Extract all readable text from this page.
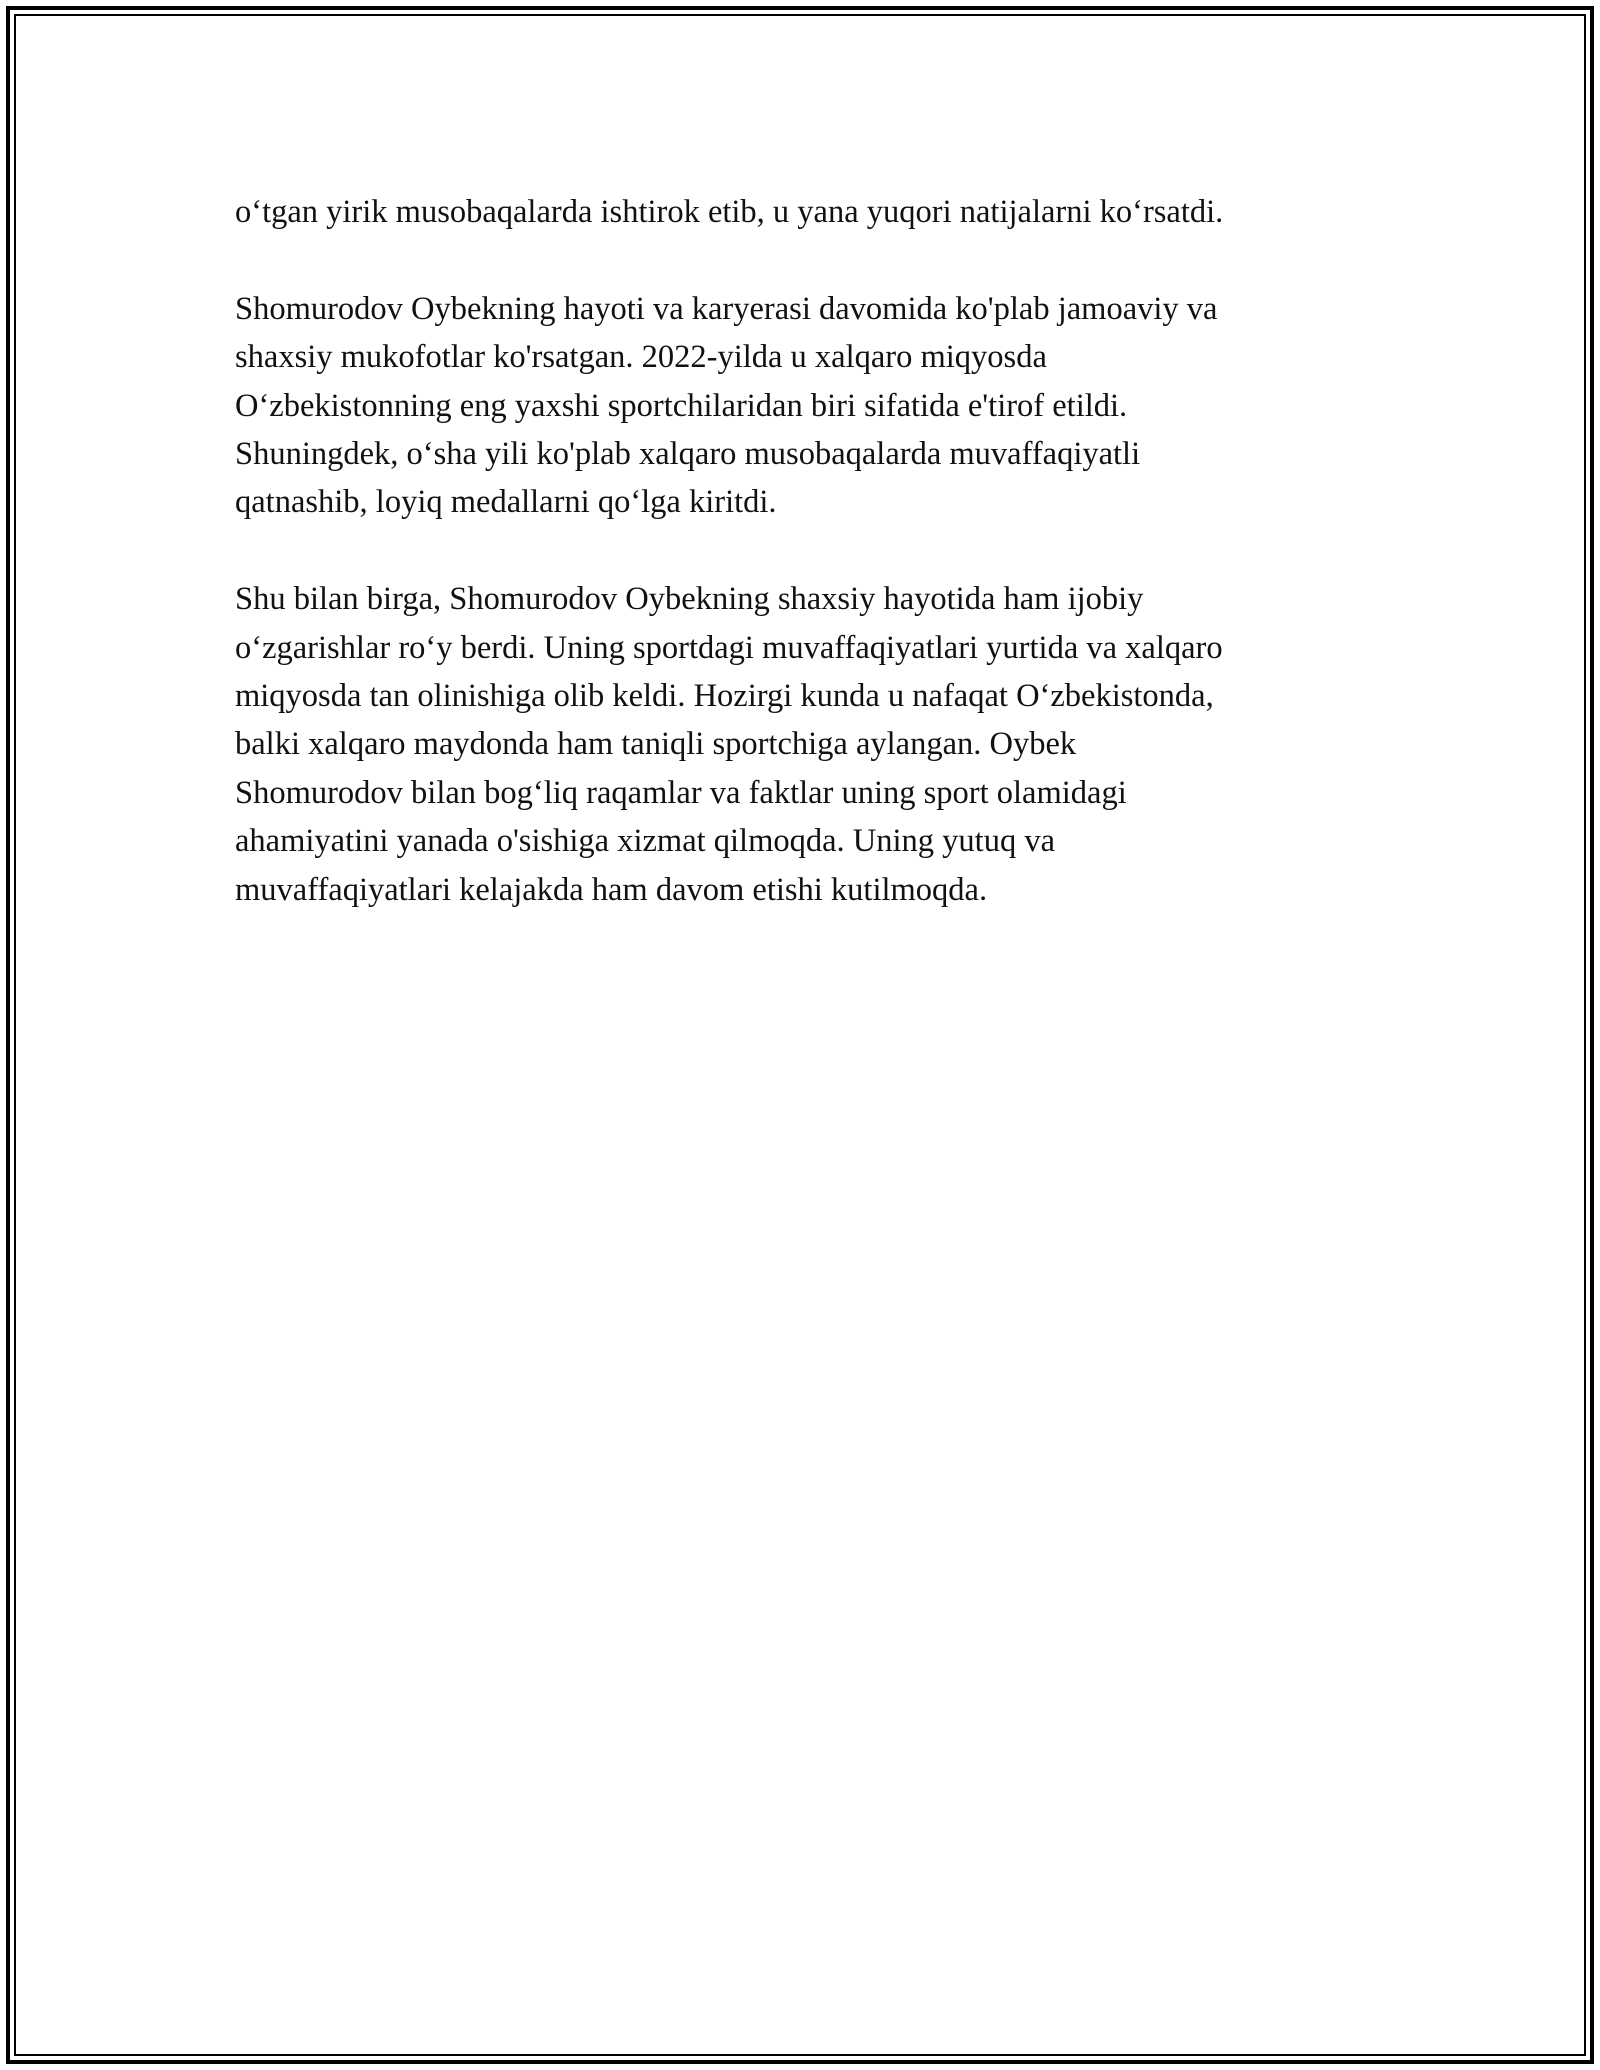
o‘tgan yirik musobaqalarda ishtirok etib, u yana yuqori natijalarni ko‘rsatdi.

Shomurodov Oybekning hayoti va karyerasi davomida ko'plab jamoaviy va
shaxsiy mukofotlar ko'rsatgan. 2022-yilda u xalqaro miqyosda
O‘zbekistonning eng yaxshi sportchilaridan biri sifatida e'tirof etildi.
Shuningdek, o‘sha yili ko'plab xalqaro musobaqalarda muvaffaqiyatli
qatnashib, loyiq medallarni qo‘lga kiritdi.

Shu bilan birga, Shomurodov Oybekning shaxsiy hayotida ham ijobiy
o‘zgarishlar ro‘y berdi. Uning sportdagi muvaffaqiyatlari yurtida va xalqaro
miqyosda tan olinishiga olib keldi. Hozirgi kunda u nafaqat O‘zbekistonda,
balki xalqaro maydonda ham taniqli sportchiga aylangan. Oybek
Shomurodov bilan bog‘liq raqamlar va faktlar uning sport olamidagi
ahamiyatini yanada o'sishiga xizmat qilmoqda. Uning yutuq va
muvaffaqiyatlari kelajakda ham davom etishi kutilmoqda.
